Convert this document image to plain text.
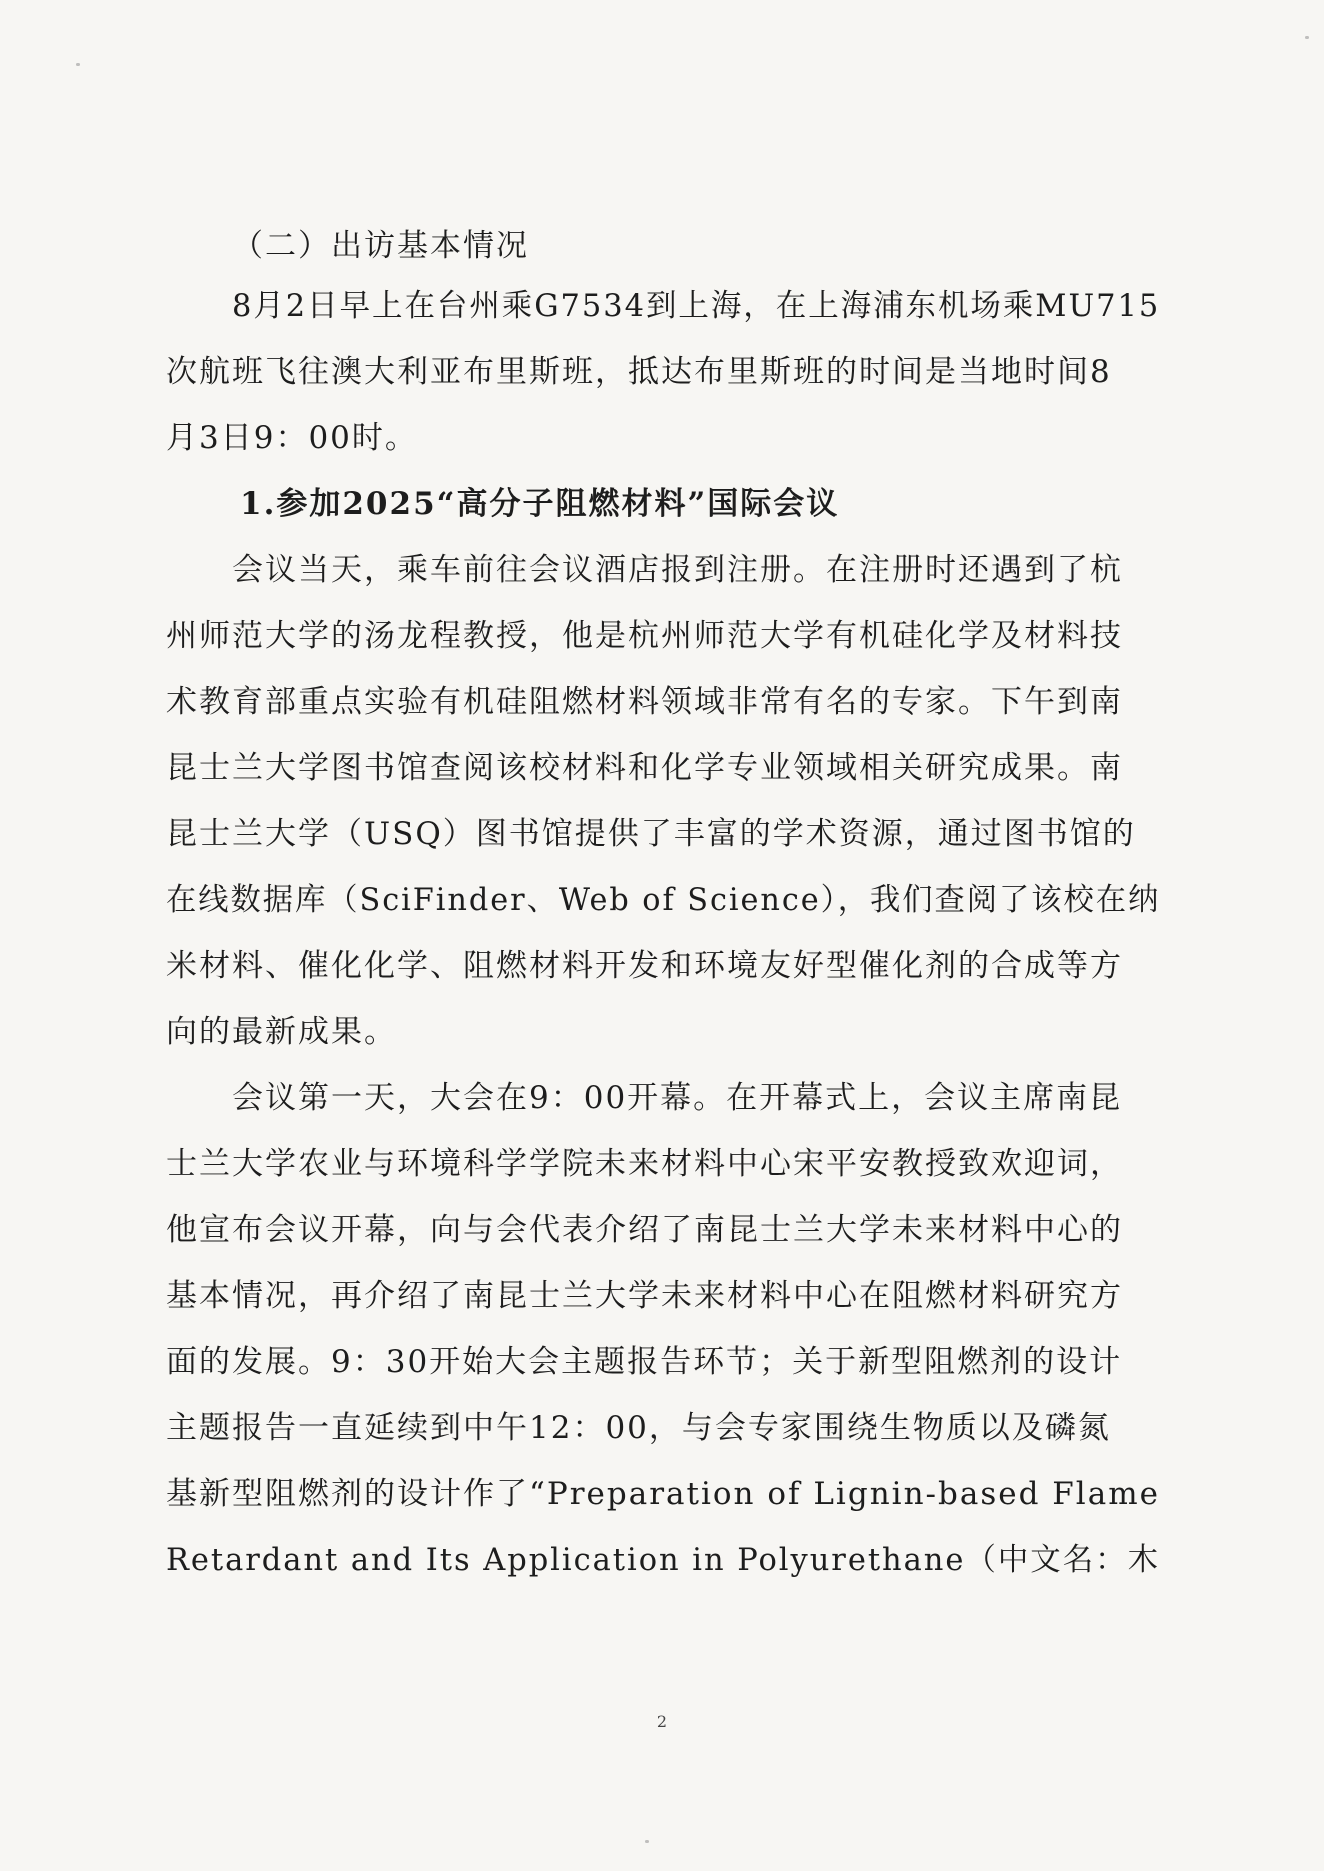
（二）出访基本情况
8月2日早上在台州乘G7534到上海，在上海浦东机场乘MU715
次航班飞往澳大利亚布里斯班，抵达布里斯班的时间是当地时间8
月3日9：00时。
1.参加2025“高分子阻燃材料”国际会议
会议当天，乘车前往会议酒店报到注册。在注册时还遇到了杭
州师范大学的汤龙程教授，他是杭州师范大学有机硅化学及材料技
术教育部重点实验有机硅阻燃材料领域非常有名的专家。下午到南
昆士兰大学图书馆查阅该校材料和化学专业领域相关研究成果。南
昆士兰大学（USQ）图书馆提供了丰富的学术资源，通过图书馆的
在线数据库（SciFinder、Web of Science），我们查阅了该校在纳
米材料、催化化学、阻燃材料开发和环境友好型催化剂的合成等方
向的最新成果。
会议第一天，大会在9：00开幕。在开幕式上，会议主席南昆
士兰大学农业与环境科学学院未来材料中心宋平安教授致欢迎词，
他宣布会议开幕，向与会代表介绍了南昆士兰大学未来材料中心的
基本情况，再介绍了南昆士兰大学未来材料中心在阻燃材料研究方
面的发展。9：30开始大会主题报告环节；关于新型阻燃剂的设计
主题报告一直延续到中午12：00，与会专家围绕生物质以及磷氮
基新型阻燃剂的设计作了“Preparation of Lignin-based Flame
Retardant and Its Application in Polyurethane（中文名：木
2
